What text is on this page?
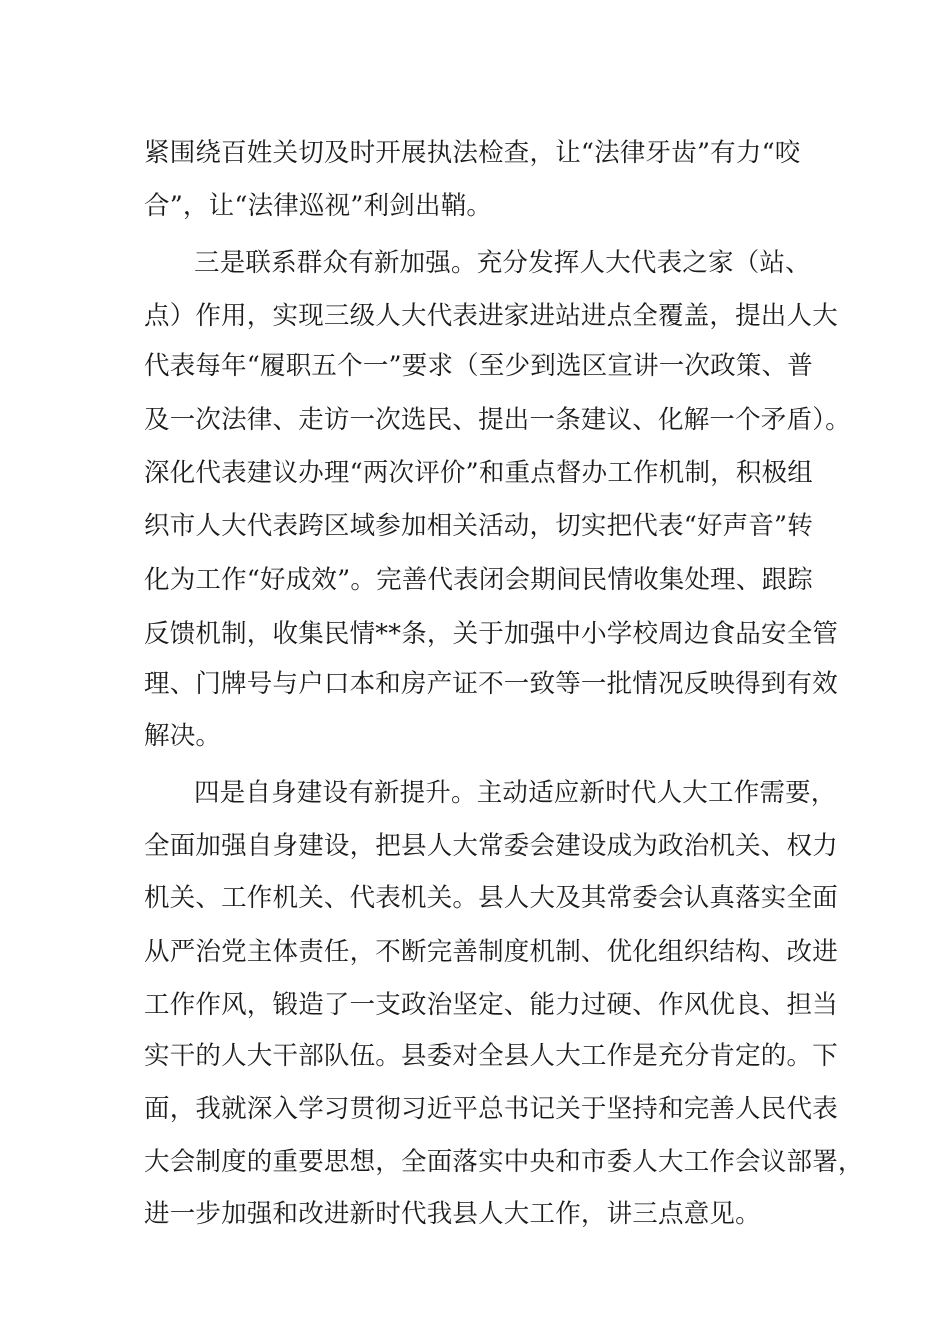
紧围绕百姓关切及时开展执法检查，让“法律牙齿”有力“咬
合”，让“法律巡视”利剑出鞘。
三是联系群众有新加强。充分发挥人大代表之家（站、
点）作用，实现三级人大代表进家进站进点全覆盖，提出人大
代表每年“履职五个一”要求（至少到选区宣讲一次政策、普
及一次法律、走访一次选民、提出一条建议、化解一个矛盾）。
深化代表建议办理“两次评价”和重点督办工作机制，积极组
织市人大代表跨区域参加相关活动，切实把代表“好声音”转
化为工作“好成效”。完善代表闭会期间民情收集处理、跟踪
反馈机制，收集民情**条，关于加强中小学校周边食品安全管
理、门牌号与户口本和房产证不一致等一批情况反映得到有效
解决。
四是自身建设有新提升。主动适应新时代人大工作需要，
全面加强自身建设，把县人大常委会建设成为政治机关、权力
机关、工作机关、代表机关。县人大及其常委会认真落实全面
从严治党主体责任，不断完善制度机制、优化组织结构、改进
工作作风，锻造了一支政治坚定、能力过硬、作风优良、担当
实干的人大干部队伍。县委对全县人大工作是充分肯定的。下
面，我就深入学习贯彻习近平总书记关于坚持和完善人民代表
大会制度的重要思想，全面落实中央和市委人大工作会议部署，
进一步加强和改进新时代我县人大工作，讲三点意见。
